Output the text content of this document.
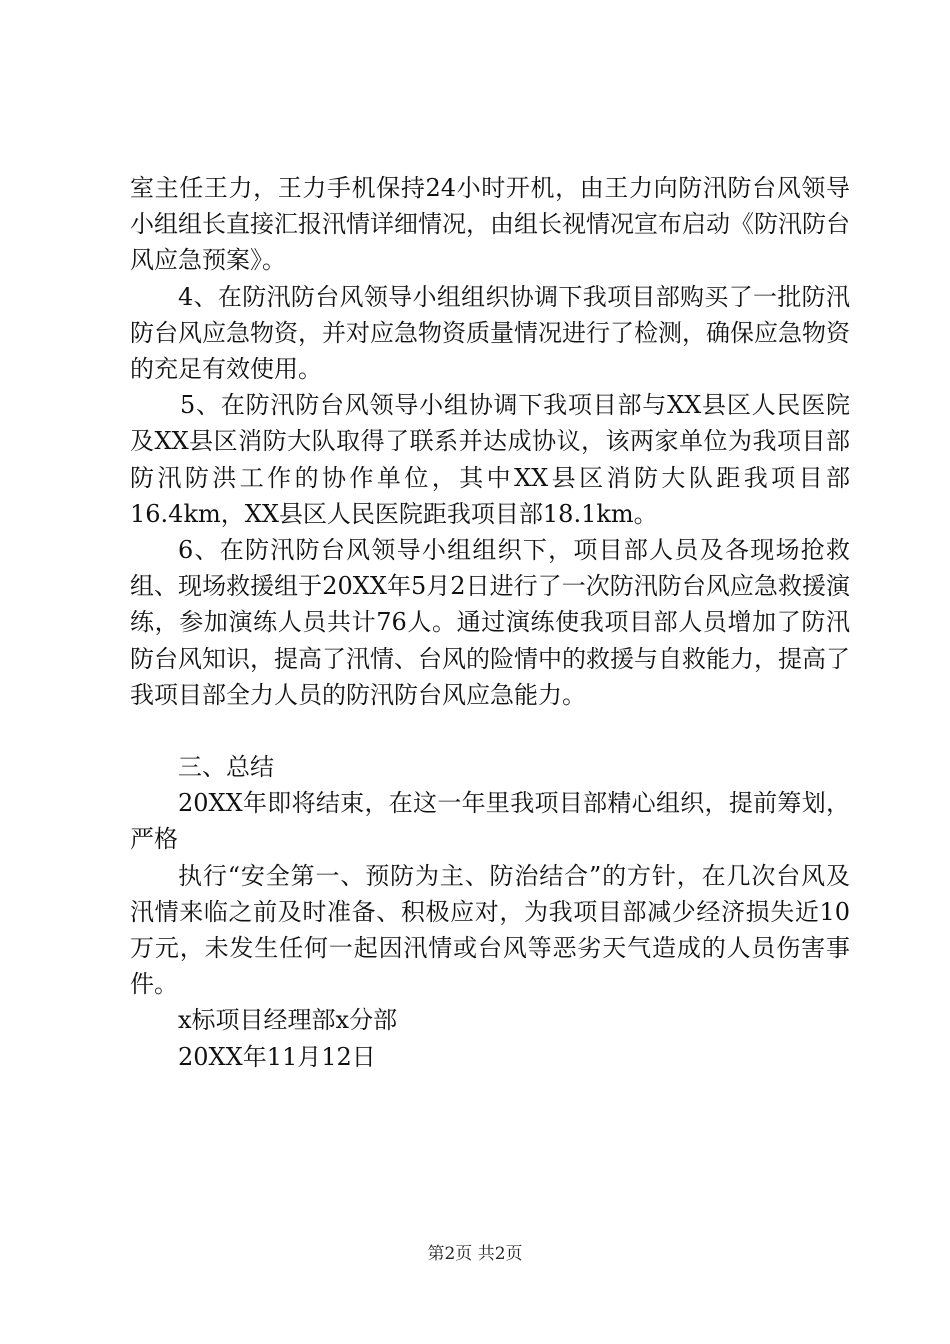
室主任王力，王力手机保持24小时开机，由王力向防汛防台风领导小组组长直接汇报汛情详细情况，由组长视情况宣布启动《防汛防台风应急预案》。

4、在防汛防台风领导小组组织协调下我项目部购买了一批防汛防台风应急物资，并对应急物资质量情况进行了检测，确保应急物资的充足有效使用。

5、在防汛防台风领导小组协调下我项目部与XX县区人民医院及XX县区消防大队取得了联系并达成协议，该两家单位为我项目部防汛防洪工作的协作单位，其中XX县区消防大队距我项目部16.4km，XX县区人民医院距我项目部18.1km。

6、在防汛防台风领导小组组织下，项目部人员及各现场抢救组、现场救援组于20XX年5月2日进行了一次防汛防台风应急救援演练，参加演练人员共计76人。通过演练使我项目部人员增加了防汛防台风知识，提高了汛情、台风的险情中的救援与自救能力，提高了我项目部全力人员的防汛防台风应急能力。

三、总结

20XX年即将结束，在这一年里我项目部精心组织，提前筹划，严格

执行“安全第一、预防为主、防治结合”的方针，在几次台风及汛情来临之前及时准备、积极应对，为我项目部减少经济损失近10万元，未发生任何一起因汛情或台风等恶劣天气造成的人员伤害事件。

x标项目经理部x分部

20XX年11月12日

第2页 共2页
